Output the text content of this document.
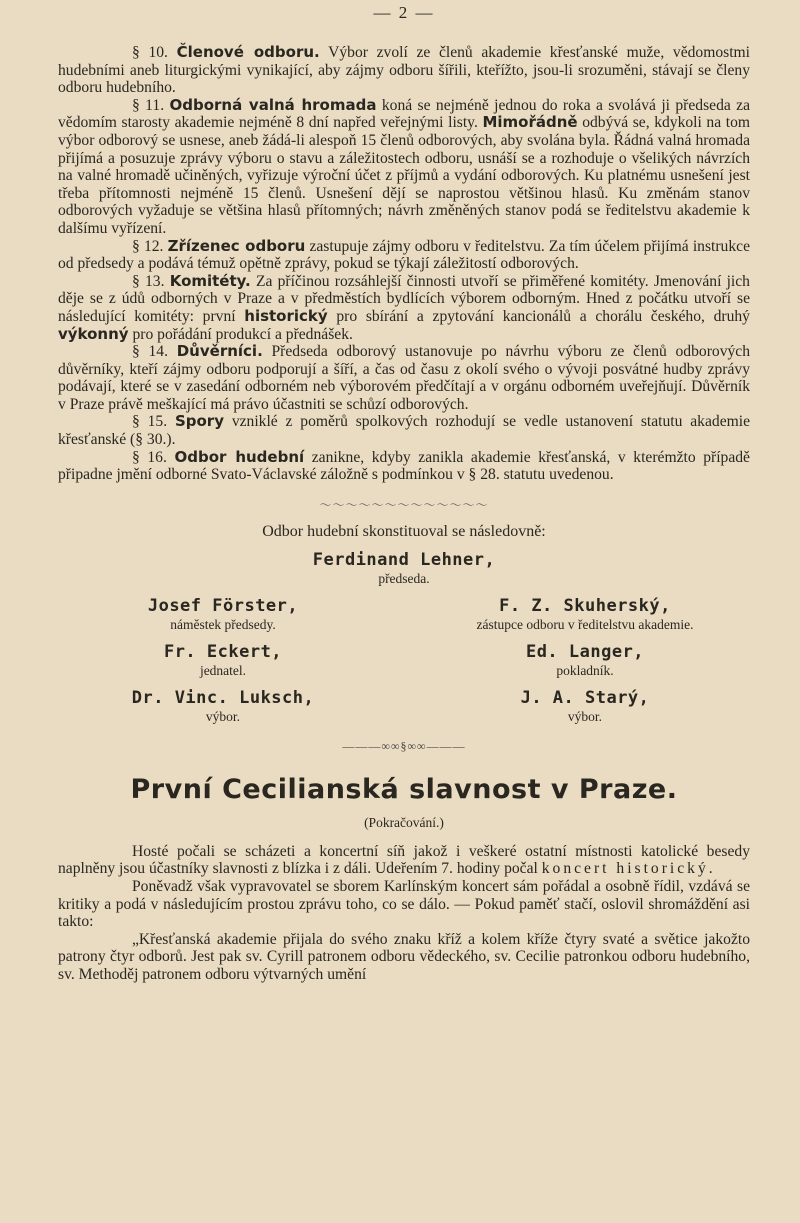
— 2 —

§ 10. Členové odboru. Výbor zvolí ze členů akademie křesťanské muže, vědomostmi hudebními aneb liturgickými vynikající, aby zájmy odboru šířili, kteřížto, jsou-li srozuměni, stávají se členy odboru hudebního.

§ 11. Odborná valná hromada koná se nejméně jednou do roka a svolává ji předseda za vědomím starosty akademie nejméně 8 dní napřed veřejnými listy. Mimořádně odbývá se, kdykoli na tom výbor odborový se usnese, aneb žádá-li alespoň 15 členů odborových, aby svolána byla. Řádná valná hromada přijímá a posuzuje zprávy výboru o stavu a záležitostech odboru, usnáší se a rozhoduje o všelikých návrzích na valné hromadě učiněných, vyřizuje výroční účet z příjmů a vydání odborových. Ku platnému usnešení jest třeba přítomnosti nejméně 15 členů. Usnešení dějí se naprostou většinou hlasů. Ku změnám stanov odborových vyžaduje se většina hlasů přítomných; návrh změněných stanov podá se ředitelstvu akademie k dalšímu vyřízení.

§ 12. Zřízenec odboru zastupuje zájmy odboru v ředitelstvu. Za tím účelem přijímá instrukce od předsedy a podává témuž opětně zprávy, pokud se týkají záležitostí odborových.

§ 13. Komitéty. Za příčinou rozsáhlejší činnosti utvoří se přiměřené komitéty. Jmenování jich děje se z údů odborných v Praze a v předměstích bydlících výborem odborným. Hned z počátku utvoří se následující komitéty: první historický pro sbírání a zpytování kancionálů a chorálu českého, druhý výkonný pro pořádání produkcí a přednášek.

§ 14. Důvěrníci. Předseda odborový ustanovuje po návrhu výboru ze členů odborových důvěrníky, kteří zájmy odboru podporují a šíří, a čas od času z okolí svého o vývoji posvátné hudby zprávy podávají, které se v zasedání odborném neb výborovém předčítají a v orgánu odborném uveřejňují. Důvěrník v Praze právě meškající má právo účastniti se schůzí odborových.

§ 15. Spory vzniklé z poměrů spolkových rozhodují se vedle ustanovení statutu akademie křesťanské (§ 30.).

§ 16. Odbor hudební zanikne, kdyby zanikla akademie křesťanská, v kterémžto případě připadne jmění odborné Svato-Václavské záložně s podmínkou v § 28. statutu uvedenou.

〜〜〜〜〜〜〜〜〜〜〜〜〜
Odbor hudební skonstituoval se následovně:
Ferdinand Lehner,
předseda.
Josef Förster,
náměstek předsedy.
F. Z. Skuherský,
zástupce odboru v ředitelstvu akademie.
Fr. Eckert,
jednatel.
Ed. Langer,
pokladník.
Dr. Vinc. Luksch,
výbor.
J. A. Starý,
výbor.
———∞∞§∞∞———
První Cecilianská slavnost v Praze.
(Pokračování.)

Hosté počali se scházeti a koncertní síň jakož i veškeré ostatní místnosti katolické besedy naplněny jsou účastníky slavnosti z blízka i z dáli. Udeřením 7. hodiny počal koncert historický.

Poněvadž však vypravovatel se sborem Karlínským koncert sám pořádal a osobně řídil, vzdává se kritiky a podá v následujícím prostou zprávu toho, co se dálo. — Pokud paměť stačí, oslovil shromáždění asi takto:

„Křesťanská akademie přijala do svého znaku kříž a kolem kříže čtyry svaté a světice jakožto patrony čtyr odborů. Jest pak sv. Cyrill patronem odboru vědeckého, sv. Cecilie patronkou odboru hudebního, sv. Methoděj patronem odboru výtvarných umění
